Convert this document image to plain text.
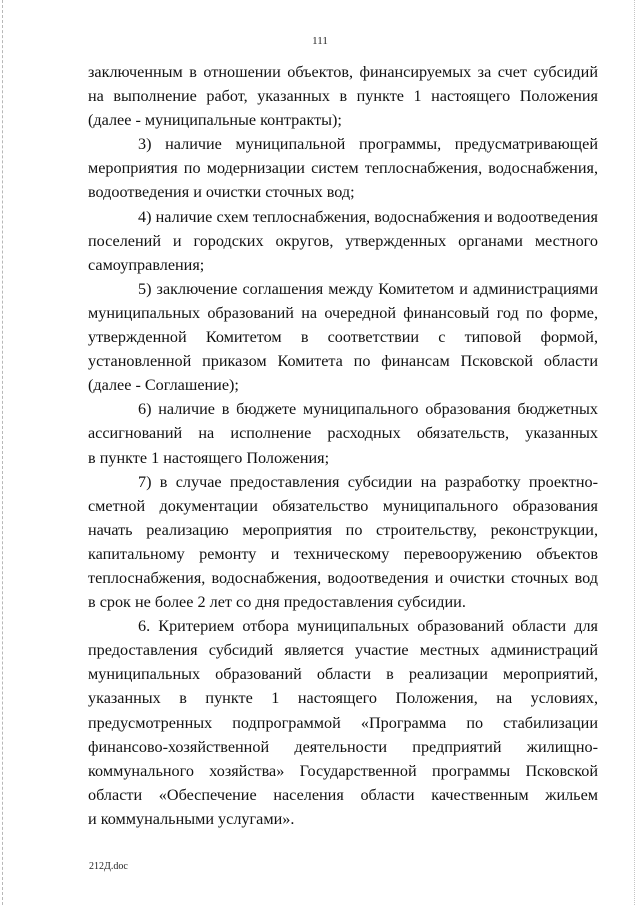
111
заключенным в отношении объектов, финансируемых за счет субсидий
на выполнение работ, указанных в пункте 1 настоящего Положения
(далее - муниципальные контракты);
3) наличие муниципальной программы, предусматривающей
мероприятия по модернизации систем теплоснабжения, водоснабжения,
водоотведения и очистки сточных вод;
4) наличие схем теплоснабжения, водоснабжения и водоотведения
поселений и городских округов, утвержденных органами местного
самоуправления;
5) заключение соглашения между Комитетом и администрациями
муниципальных образований на очередной финансовый год по форме,
утвержденной Комитетом в соответствии с типовой формой,
установленной приказом Комитета по финансам Псковской области
(далее - Соглашение);
6) наличие в бюджете муниципального образования бюджетных
ассигнований на исполнение расходных обязательств, указанных
в пункте 1 настоящего Положения;
7) в случае предоставления субсидии на разработку проектно-
сметной документации обязательство муниципального образования
начать реализацию мероприятия по строительству, реконструкции,
капитальному ремонту и техническому перевооружению объектов
теплоснабжения, водоснабжения, водоотведения и очистки сточных вод
в срок не более 2 лет со дня предоставления субсидии.
6. Критерием отбора муниципальных образований области для
предоставления субсидий является участие местных администраций
муниципальных образований области в реализации мероприятий,
указанных в пункте 1 настоящего Положения, на условиях,
предусмотренных подпрограммой «Программа по стабилизации
финансово-хозяйственной деятельности предприятий жилищно-
коммунального хозяйства» Государственной программы Псковской
области «Обеспечение населения области качественным жильем
и коммунальными услугами».
212Д.doc
